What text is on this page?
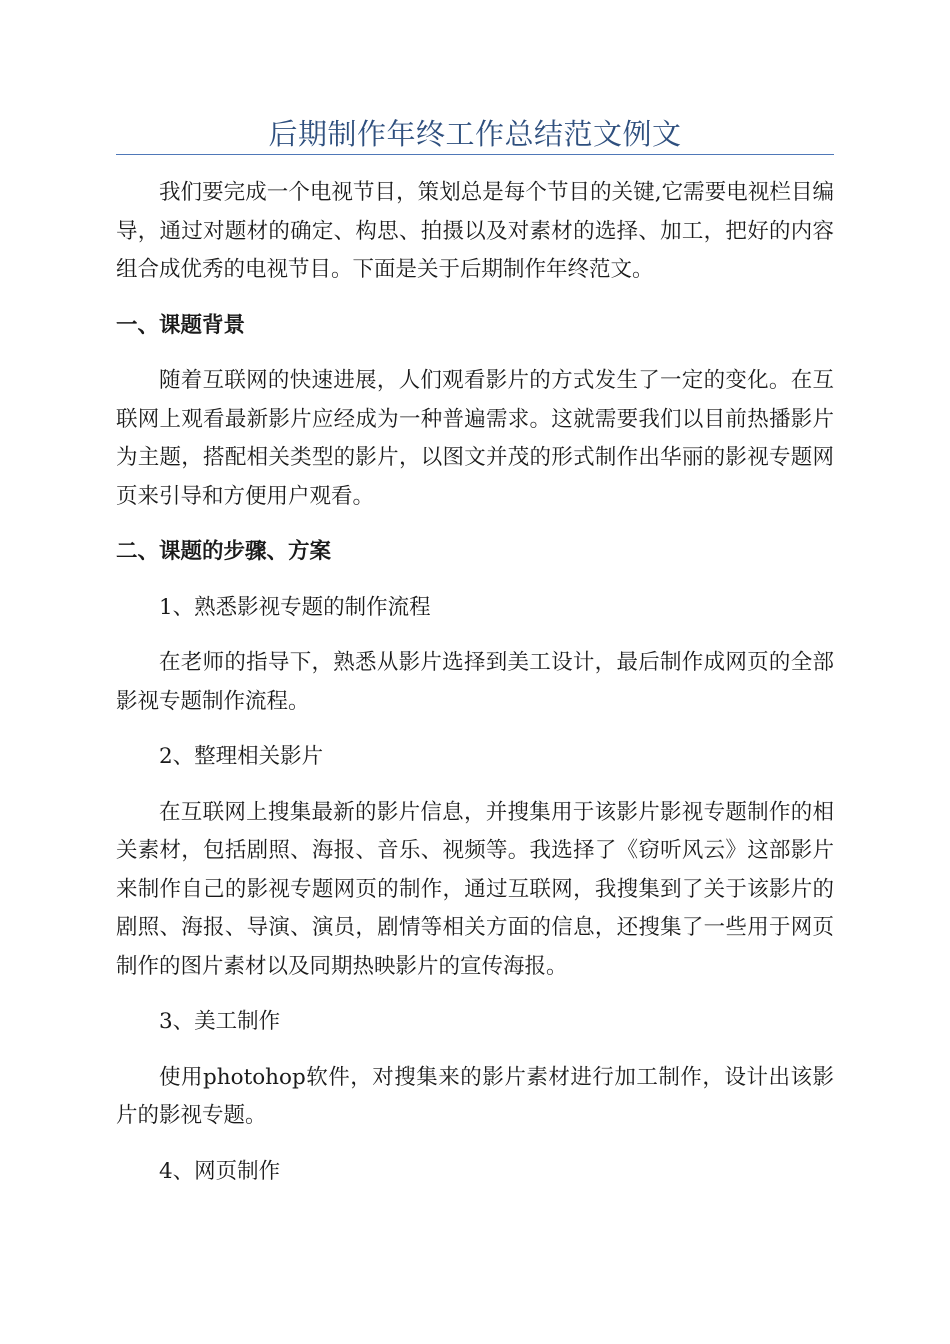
后期制作年终工作总结范文例文

我们要完成一个电视节目，策划总是每个节目的关键,它需要电视栏目编导，通过对题材的确定、构思、拍摄以及对素材的选择、加工，把好的内容组合成优秀的电视节目。下面是关于后期制作年终范文。

一、课题背景

随着互联网的快速进展，人们观看影片的方式发生了一定的变化。在互联网上观看最新影片应经成为一种普遍需求。这就需要我们以目前热播影片为主题，搭配相关类型的影片，以图文并茂的形式制作出华丽的影视专题网页来引导和方便用户观看。

二、课题的步骤、方案

1、熟悉影视专题的制作流程

在老师的指导下，熟悉从影片选择到美工设计，最后制作成网页的全部影视专题制作流程。

2、整理相关影片

在互联网上搜集最新的影片信息，并搜集用于该影片影视专题制作的相关素材，包括剧照、海报、音乐、视频等。我选择了《窃听风云》这部影片来制作自己的影视专题网页的制作，通过互联网，我搜集到了关于该影片的剧照、海报、导演、演员，剧情等相关方面的信息，还搜集了一些用于网页制作的图片素材以及同期热映影片的宣传海报。

3、美工制作

使用photohop软件，对搜集来的影片素材进行加工制作，设计出该影片的影视专题。

4、网页制作
